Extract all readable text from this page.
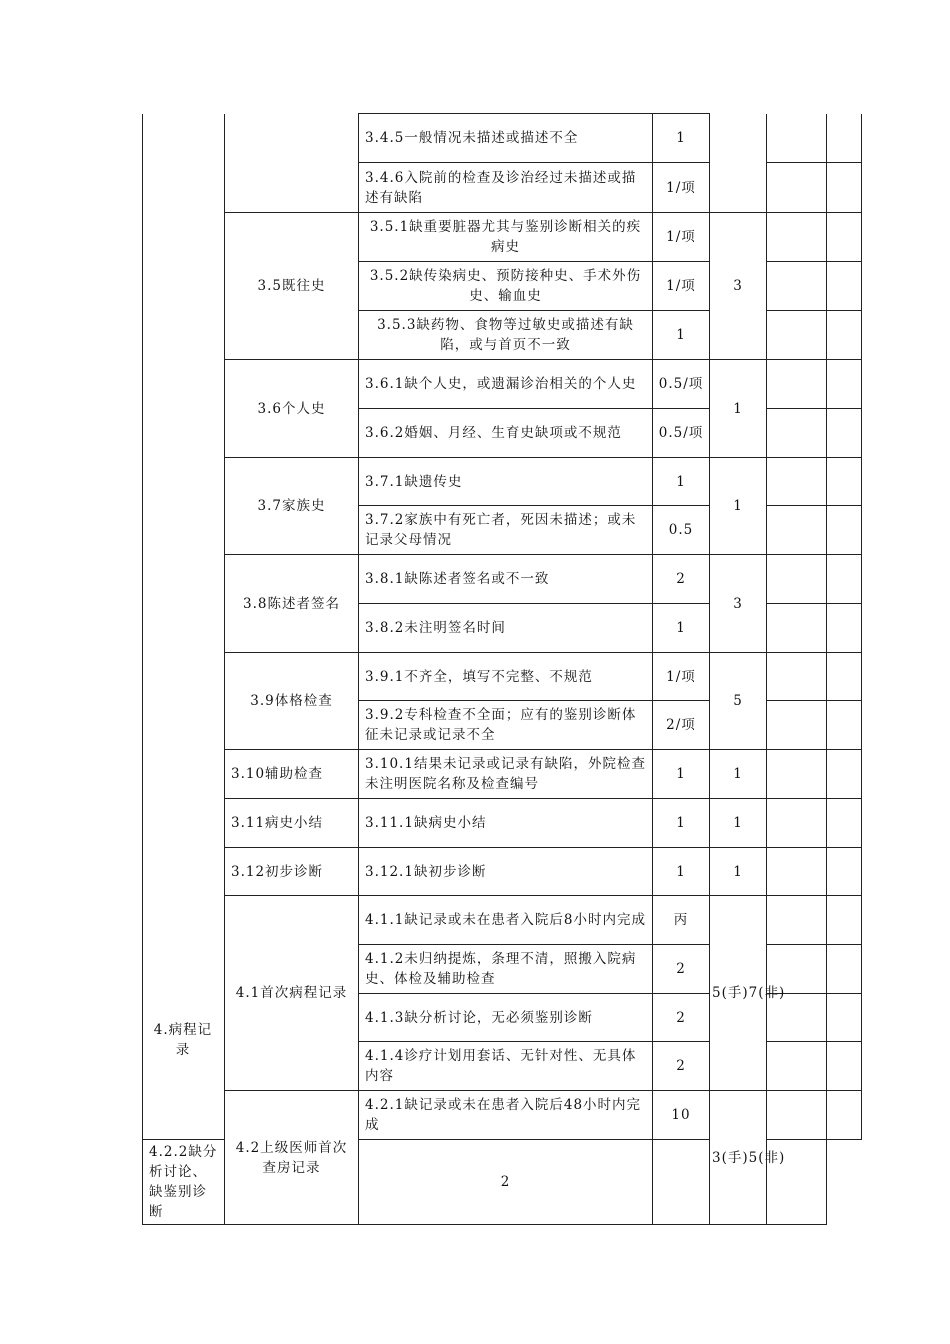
		3.4.5一般情况未描述或描述不全	1			
		3.4.6入院前的检查及诊治经过未描述或描述有缺陷	1/项			
	3.5既往史	3.5.1缺重要脏器尤其与鉴别诊断相关的疾病史	1/项	3		
		3.5.2缺传染病史、预防接种史、手术外伤史、输血史	1/项			
		3.5.3缺药物、食物等过敏史或描述有缺陷，或与首页不一致	1			
	3.6个人史	3.6.1缺个人史，或遗漏诊治相关的个人史	0.5/项	1		
		3.6.2婚姻、月经、生育史缺项或不规范	0.5/项			
	3.7家族史	3.7.1缺遗传史	1	1		
		3.7.2家族中有死亡者，死因未描述；或未记录父母情况	0.5			
	3.8陈述者签名	3.8.1缺陈述者签名或不一致	2	3		
		3.8.2未注明签名时间	1			
	3.9体格检查	3.9.1不齐全，填写不完整、不规范	1/项	5		
		3.9.2专科检查不全面；应有的鉴别诊断体征未记录或记录不全	2/项			
	3.10辅助检查	3.10.1结果未记录或记录有缺陷，外院检查未注明医院名称及检查编号	1	1		
	3.11病史小结	3.11.1缺病史小结	1	1		
	3.12初步诊断	3.12.1缺初步诊断	1	1		
	4.1首次病程记录	4.1.1缺记录或未在患者入院后8小时内完成	丙	5(手)7(非)		
		4.1.2未归纳提炼，条理不清，照搬入院病史、体检及辅助检查	2			
		4.1.3缺分析讨论，无必须鉴别诊断	2			
		4.1.4诊疗计划用套话、无针对性、无具体内容	2			
	4.2上级医师首次查房记录	4.2.1缺记录或未在患者入院后48小时内完成	10	3(手)5(非)		
4.2.2缺分析讨论、缺鉴别诊断		2				
4.病程记录
